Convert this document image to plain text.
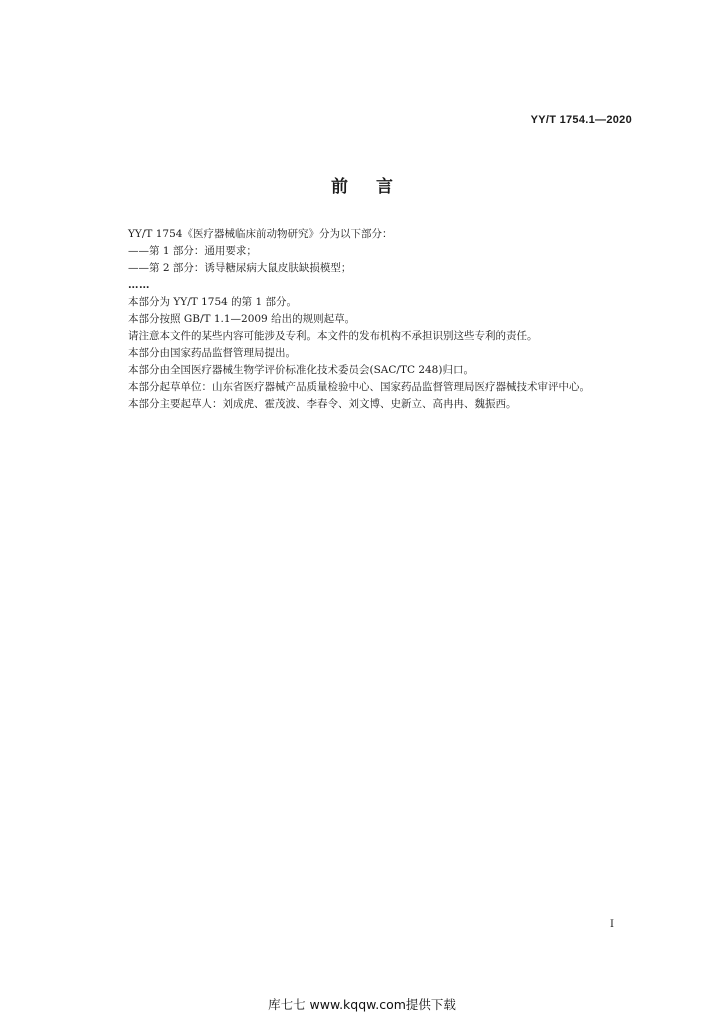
YY/T 1754.1—2020
前言

YY/T 1754《医疗器械临床前动物研究》分为以下部分：

——第 1 部分：通用要求；

——第 2 部分：诱导糖尿病大鼠皮肤缺损模型；

……

本部分为 YY/T 1754 的第 1 部分。

本部分按照 GB/T 1.1—2009 给出的规则起草。

请注意本文件的某些内容可能涉及专利。本文件的发布机构不承担识别这些专利的责任。

本部分由国家药品监督管理局提出。

本部分由全国医疗器械生物学评价标准化技术委员会(SAC/TC 248)归口。

本部分起草单位：山东省医疗器械产品质量检验中心、国家药品监督管理局医疗器械技术审评中心。

本部分主要起草人：刘成虎、霍茂波、李春令、刘文博、史新立、高冉冉、魏振西。

I
库七七 www.kqqw.com提供下载
